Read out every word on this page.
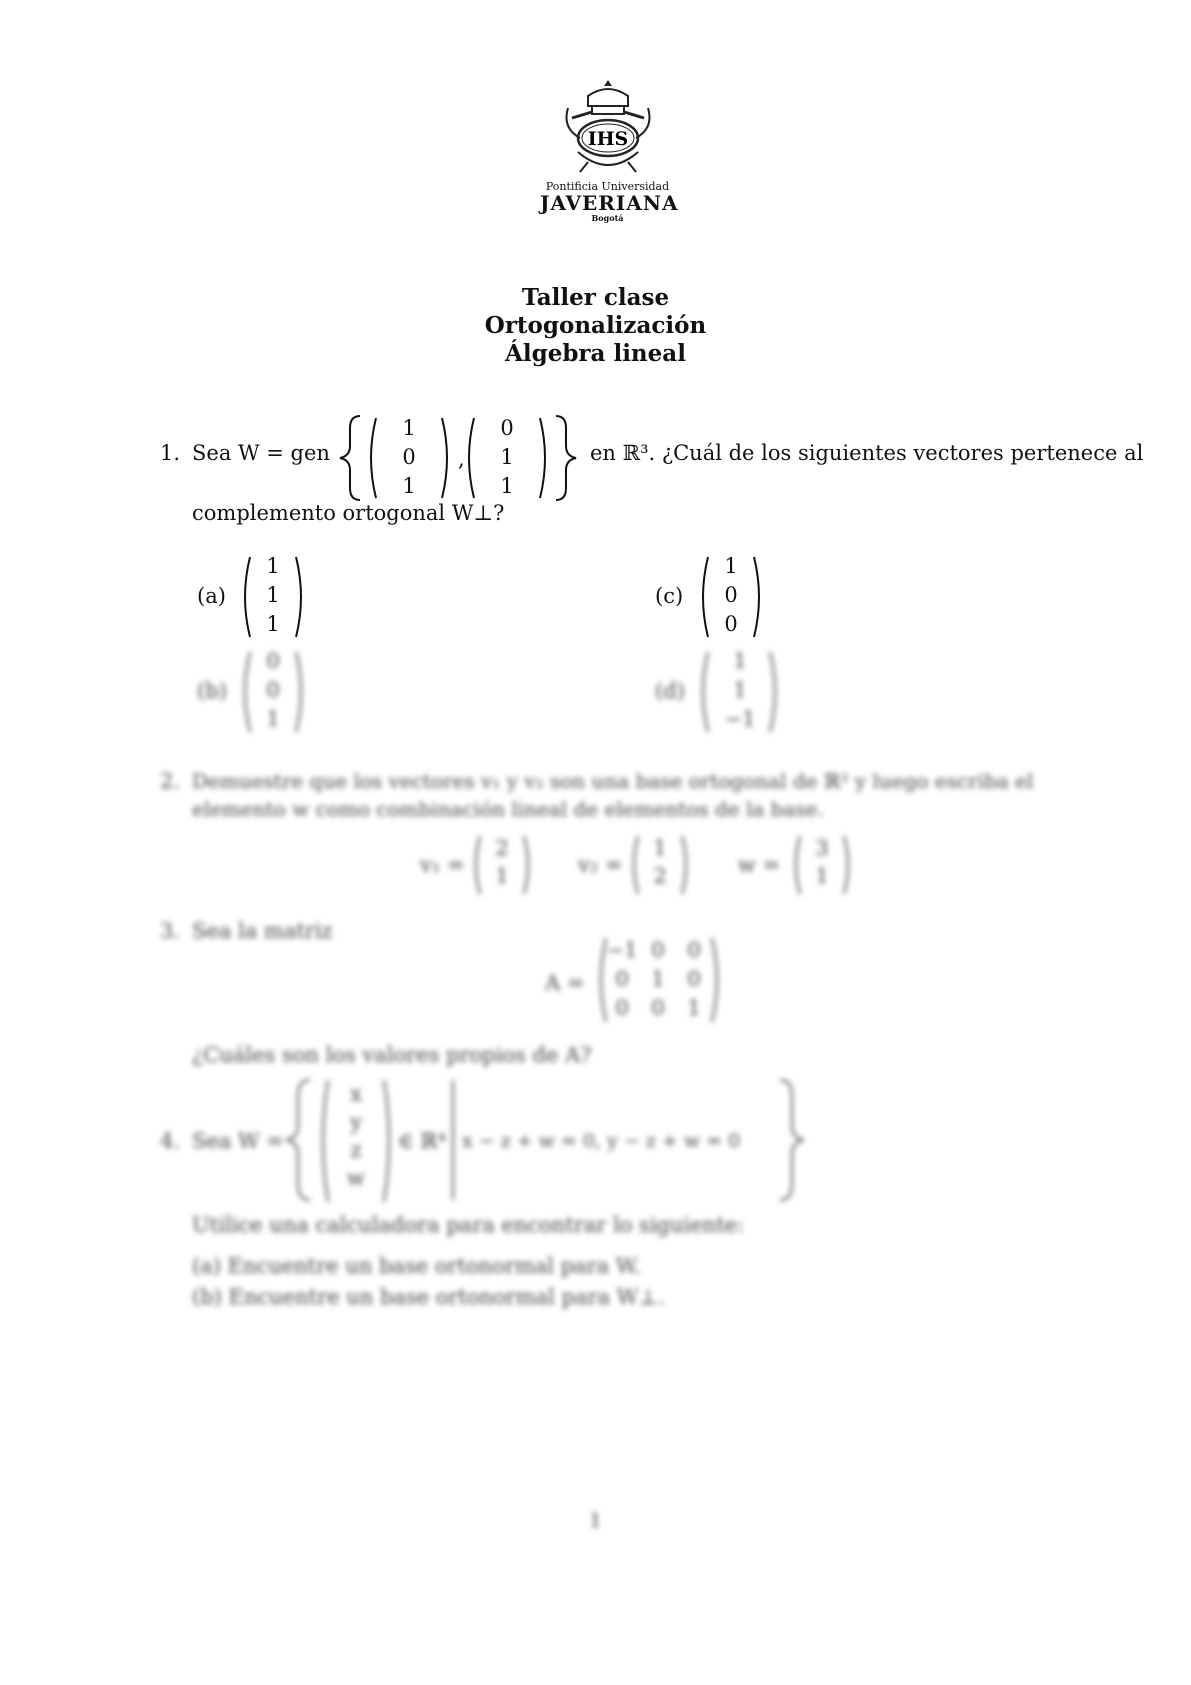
IHS
Pontificia Universidad
JAVERIANA
Bogotá
Taller clase
Ortogonalización
Álgebra lineal
1. Sea W = gen
1
0
1
,
0
1
1
en ℝ³. ¿Cuál de los siguientes vectores pertenece al
complemento ortogonal W⊥?
(a)
1
1
1
(c)
1
0
0
(b)
0
0
1
(d)
1
1
−1
2. Demuestre que los vectores v₁ y v₂ son una base ortogonal de ℝ² y luego escriba el
elemento w como combinación lineal de elementos de la base.
v₁ =
2
1	v₂ =
1
2	w =
3
1
3. Sea la matriz
A =
−1 0	0
0	1	0
0	0	1
¿Cuáles son los valores propios de A?
4. Sea W =
x
y
z
w
∈ ℝ⁴ x − z + w = 0, y − z + w = 0
Utilice una calculadora para encontrar lo siguiente:
(a) Encuentre un base ortonormal para W.
(b) Encuentre un base ortonormal para W⊥.
1
